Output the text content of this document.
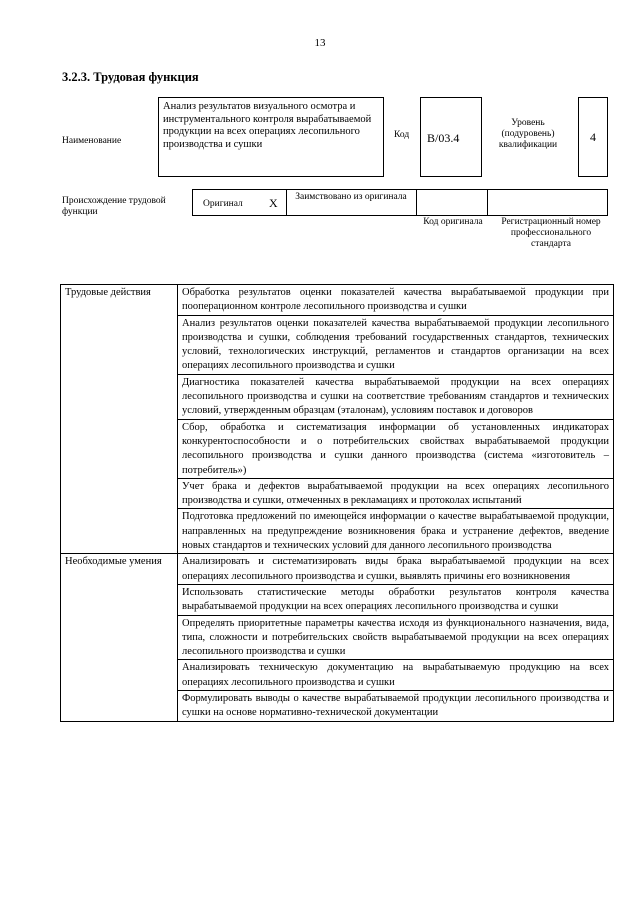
13
3.2.3. Трудовая функция
Наименование
Анализ результатов визуального осмотра и инструментального контроля вырабатываемой продукции на всех операциях лесопильного производства и сушки
Код B/03.4
Уровень (подуровень) квалификации
4
Происхождение трудовой функции
Оригинал X	Заимствовано из оригинала
Код оригинала	Регистрационный номер профессионального стандарта
Трудовые действия	Обработка результатов оценки показателей качества вырабатываемой продукции при пооперационном контроле лесопильного производства и сушки
	Анализ результатов оценки показателей качества вырабатываемой продукции лесопильного производства и сушки, соблюдения требований государственных стандартов, технических условий, технологических инструкций, регламентов и стандартов организации на всех операциях лесопильного производства и сушки
	Диагностика показателей качества вырабатываемой продукции на всех операциях лесопильного производства и сушки на соответствие требованиям стандартов и технических условий, утвержденным образцам (эталонам), условиям поставок и договоров
	Сбор, обработка и систематизация информации об установленных индикаторах конкурентоспособности и о потребительских свойствах вырабатываемой продукции лесопильного производства и сушки данного производства (система «изготовитель – потребитель»)
	Учет брака и дефектов вырабатываемой продукции на всех операциях лесопильного производства и сушки, отмеченных в рекламациях и протоколах испытаний
	Подготовка предложений по имеющейся информации о качестве вырабатываемой продукции, направленных на предупреждение возникновения брака и устранение дефектов, введение новых стандартов и технических условий для данного лесопильного производства
Необходимые умения	Анализировать и систематизировать виды брака вырабатываемой продукции на всех операциях лесопильного производства и сушки, выявлять причины его возникновения
	Использовать статистические методы обработки результатов контроля качества вырабатываемой продукции на всех операциях лесопильного производства и сушки
	Определять приоритетные параметры качества исходя из функционального назначения, вида, типа, сложности и потребительских свойств вырабатываемой продукции на всех операциях лесопильного производства и сушки
	Анализировать техническую документацию на вырабатываемую продукцию на всех операциях лесопильного производства и сушки
	Формулировать выводы о качестве вырабатываемой продукции лесопильного производства и сушки на основе нормативно-технической документации
